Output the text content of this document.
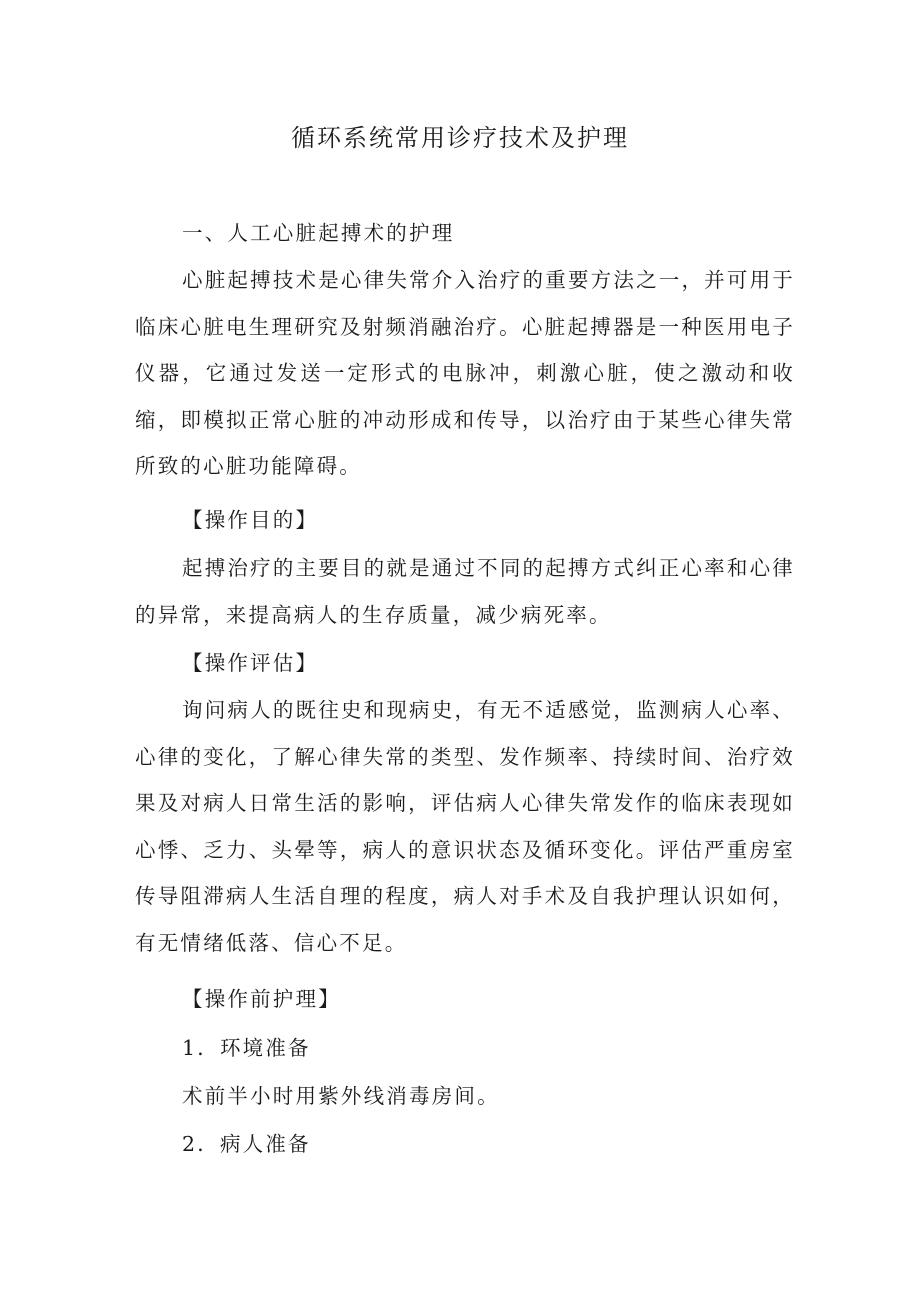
循环系统常用诊疗技术及护理
一、人工心脏起搏术的护理
心脏起搏技术是心律失常介入治疗的重要方法之一，并可用于临床心脏电生理研究及射频消融治疗。心脏起搏器是一种医用电子仪器，它通过发送一定形式的电脉冲，刺激心脏，使之激动和收缩，即模拟正常心脏的冲动形成和传导，以治疗由于某些心律失常所致的心脏功能障碍。
【操作目的】
起搏治疗的主要目的就是通过不同的起搏方式纠正心率和心律的异常，来提高病人的生存质量，减少病死率。
【操作评估】
询问病人的既往史和现病史，有无不适感觉，监测病人心率、心律的变化，了解心律失常的类型、发作频率、持续时间、治疗效果及对病人日常生活的影响，评估病人心律失常发作的临床表现如心悸、乏力、头晕等，病人的意识状态及循环变化。评估严重房室传导阻滞病人生活自理的程度，病人对手术及自我护理认识如何，有无情绪低落、信心不足。
【操作前护理】
1．环境准备
术前半小时用紫外线消毒房间。
2．病人准备
